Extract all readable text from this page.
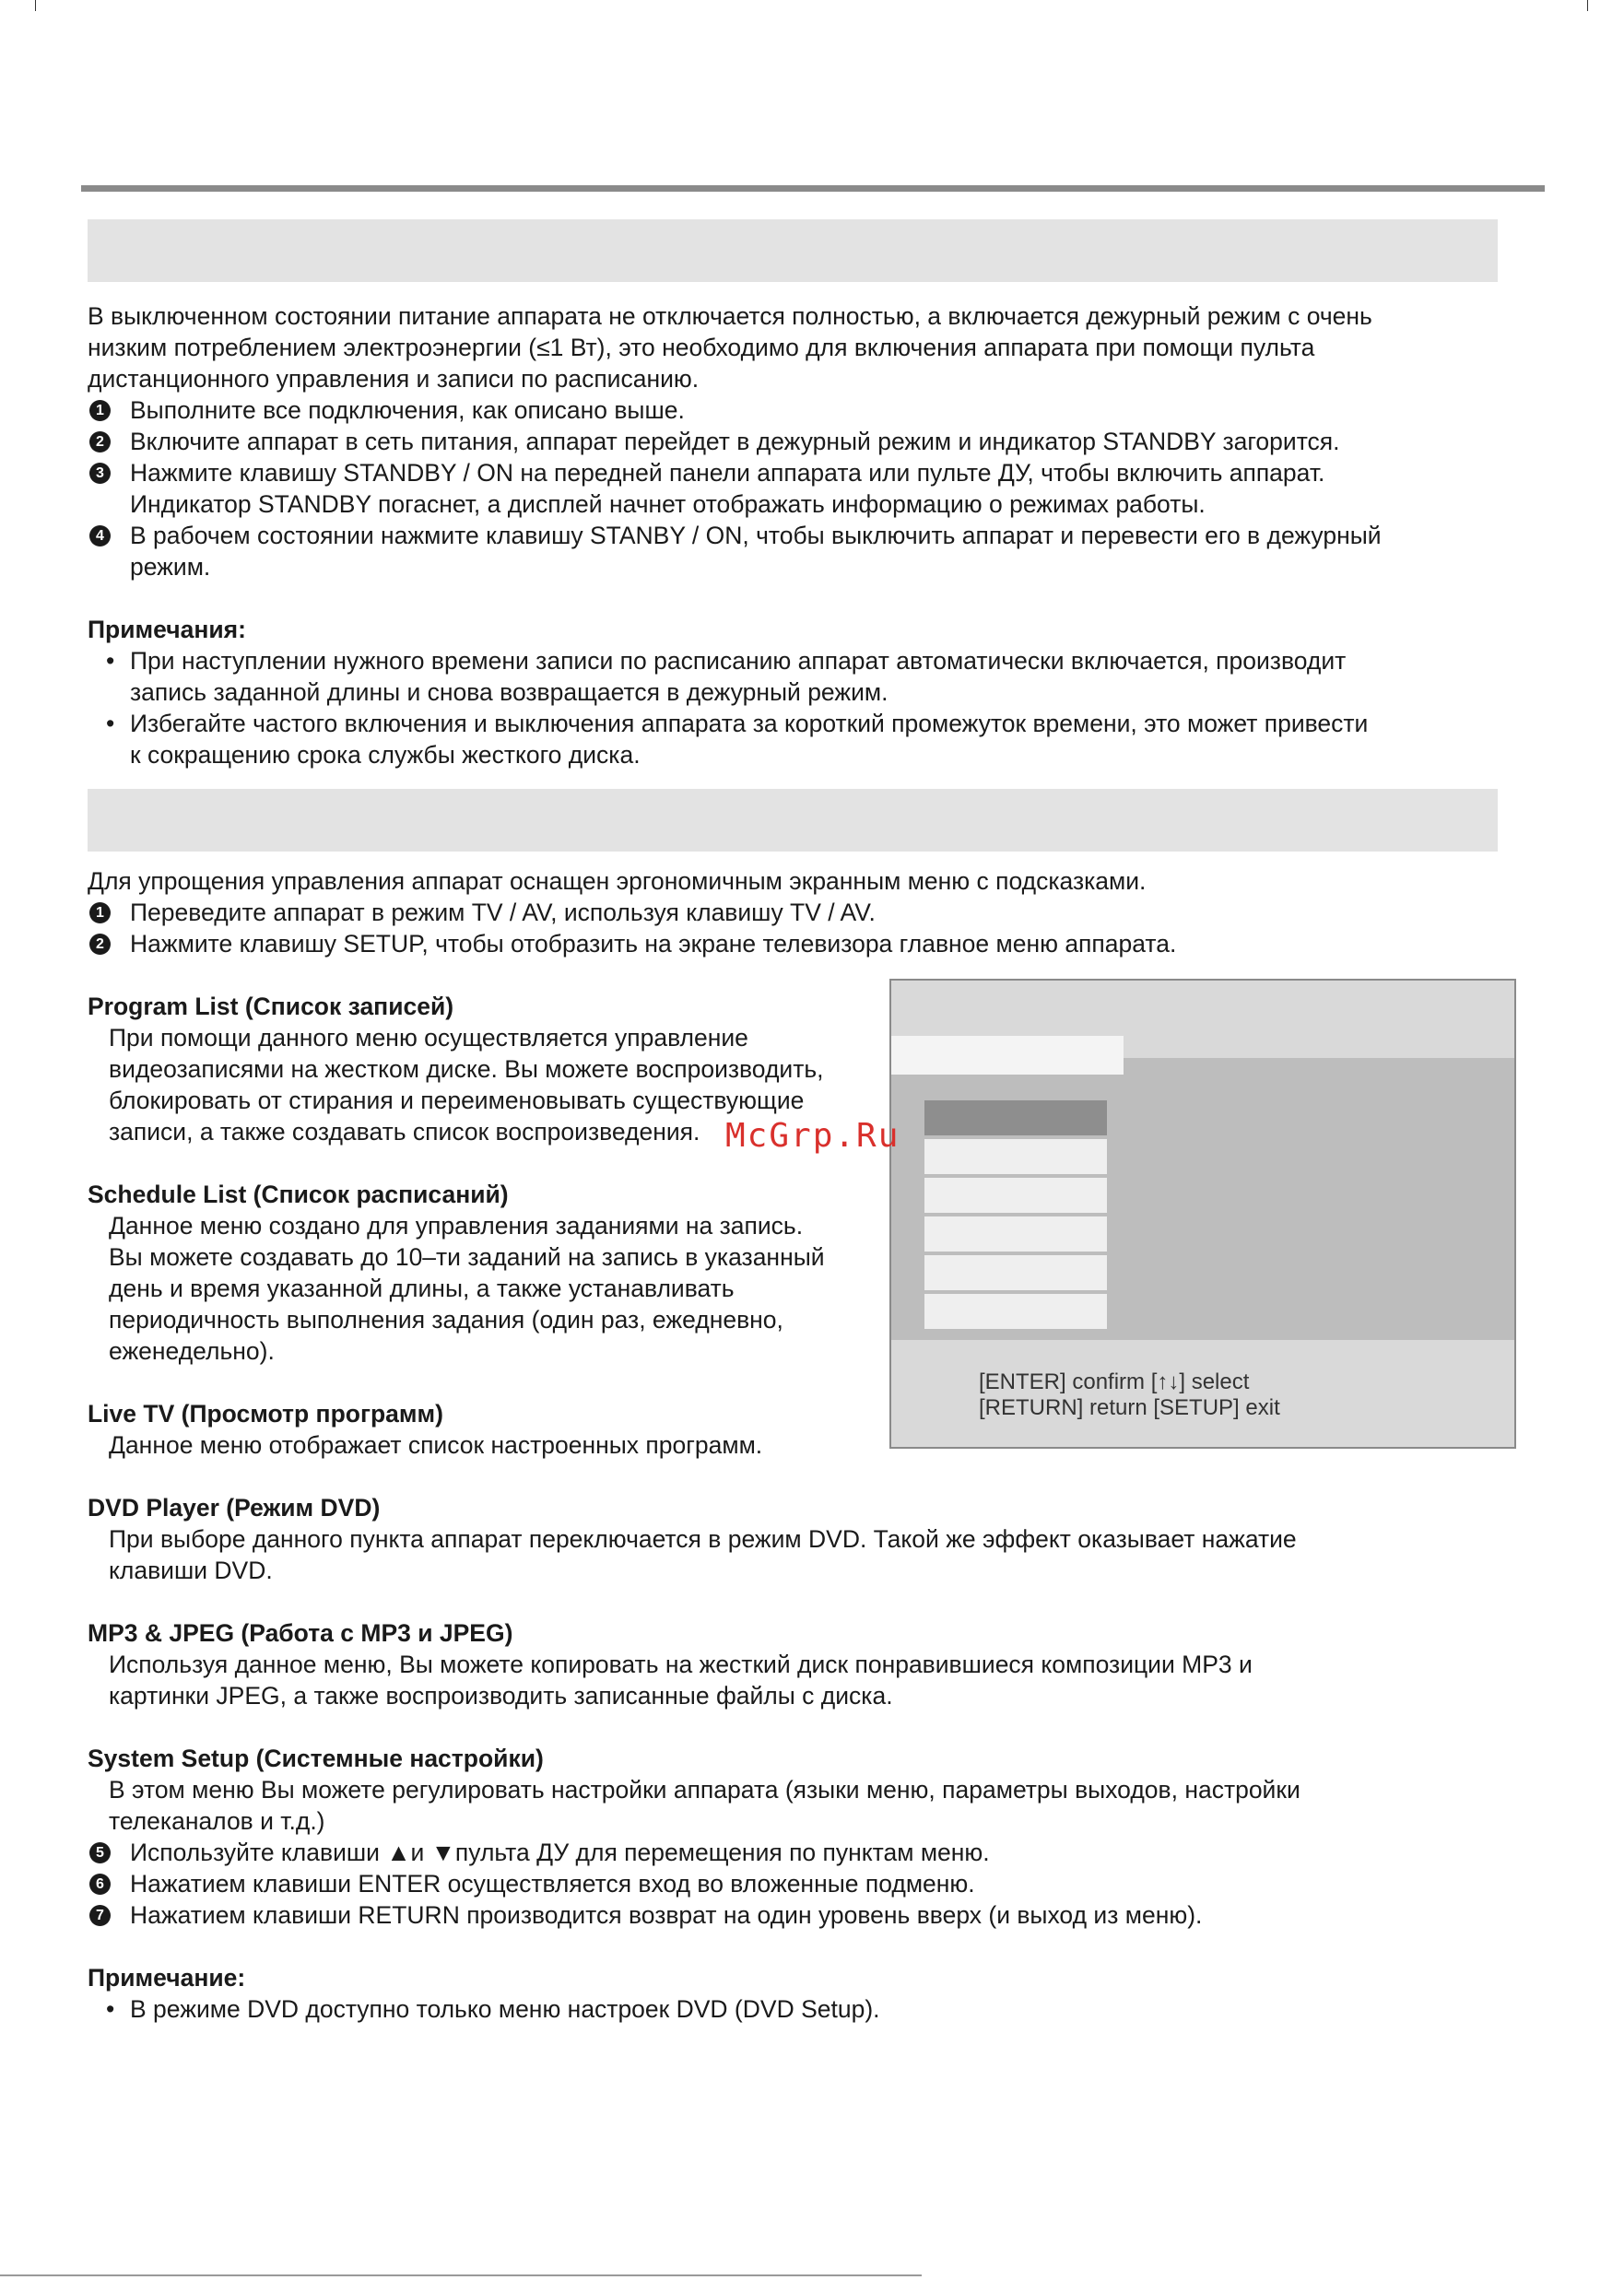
В выключенном состоянии питание аппарата не отключается полностью, а включается дежурный режим с очень
низким потреблением электроэнергии (≤1 Вт), это необходимо для включения аппарата при помощи пульта
дистанционного управления и записи по расписанию.
1 Выполните все подключения, как описано выше.
2 Включите аппарат в сеть питания, аппарат перейдет в дежурный режим и индикатор STANDBY загорится.
3 Нажмите клавишу STANDBY / ON на передней панели аппарата или пульте ДУ, чтобы включить аппарат.
Индикатор STANDBY погаснет, а дисплей начнет отображать информацию о режимах работы.
4 В рабочем состоянии нажмите клавишу STANBY / ON, чтобы выключить аппарат и перевести его в дежурный
режим.
Примечания:
• При наступлении нужного времени записи по расписанию аппарат автоматически включается, производит
запись заданной длины и снова возвращается в дежурный режим.
• Избегайте частого включения и выключения аппарата за короткий промежуток времени, это может привести
к сокращению срока службы жесткого диска.
Для упрощения управления аппарат оснащен эргономичным экранным меню с подсказками.
1 Переведите аппарат в режим TV / AV, используя клавишу TV / AV.
2 Нажмите клавишу SETUP, чтобы отобразить на экране телевизора главное меню аппарата.
Program List (Список записей)
При помощи данного меню осуществляется управление
видеозаписями на жестком диске. Вы можете воспроизводить,
блокировать от стирания и переименовывать существующие
записи, а также создавать список воспроизведения.
Schedule List (Список расписаний)
Данное меню создано для управления заданиями на запись.
Вы можете создавать до 10–ти заданий на запись в указанный
день и время указанной длины, а также устанавливать
периодичность выполнения задания (один раз, ежедневно,
еженедельно).
Live TV (Просмотр программ)
Данное меню отображает список настроенных программ.
DVD Player (Режим DVD)
При выборе данного пункта аппарат переключается в режим DVD. Такой же эффект оказывает нажатие
клавиши DVD.
MP3 & JPEG (Работа с MP3 и JPEG)
Используя данное меню, Вы можете копировать на жесткий диск понравившиеся композиции MP3 и
картинки JPEG, а также воспроизводить записанные файлы с диска.
System Setup (Системные настройки)
В этом меню Вы можете регулировать настройки аппарата (языки меню, параметры выходов, настройки
телеканалов и т.д.)
5 Используйте клавиши ▲и ▼пульта ДУ для перемещения по пунктам меню.
6 Нажатием клавиши ENTER осуществляется вход во вложенные подменю.
7 Нажатием клавиши RETURN производится возврат на один уровень вверх (и выход из меню).
Примечание:
• В режиме DVD доступно только меню настроек DVD (DVD Setup).
[ENTER] confirm [↑↓] select
[RETURN] return [SETUP] exit
McGrp.Ru
